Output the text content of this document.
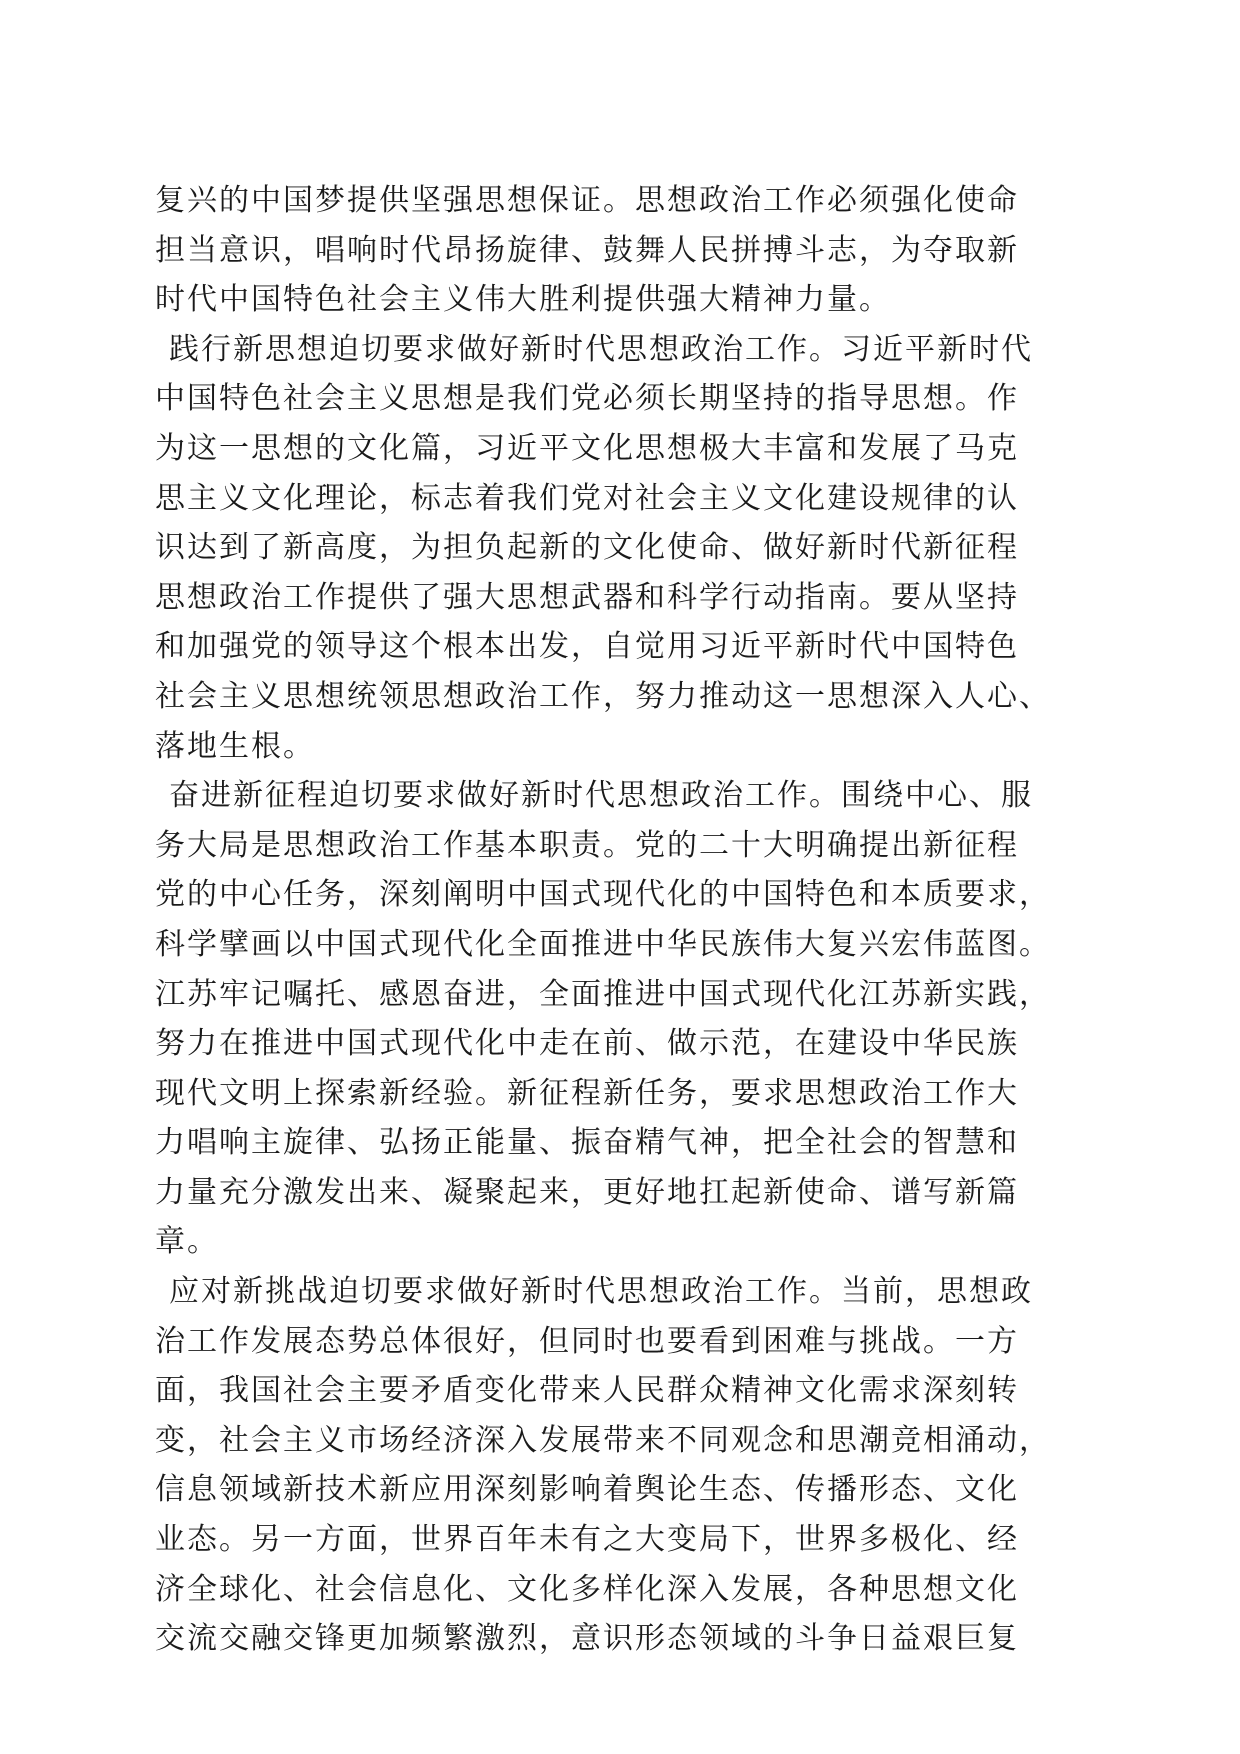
复兴的中国梦提供坚强思想保证。思想政治工作必须强化使命
担当意识，唱响时代昂扬旋律、鼓舞人民拼搏斗志，为夺取新
时代中国特色社会主义伟大胜利提供强大精神力量。
践行新思想迫切要求做好新时代思想政治工作。习近平新时代
中国特色社会主义思想是我们党必须长期坚持的指导思想。作
为这一思想的文化篇，习近平文化思想极大丰富和发展了马克
思主义文化理论，标志着我们党对社会主义文化建设规律的认
识达到了新高度，为担负起新的文化使命、做好新时代新征程
思想政治工作提供了强大思想武器和科学行动指南。要从坚持
和加强党的领导这个根本出发，自觉用习近平新时代中国特色
社会主义思想统领思想政治工作，努力推动这一思想深入人心、
落地生根。
奋进新征程迫切要求做好新时代思想政治工作。围绕中心、服
务大局是思想政治工作基本职责。党的二十大明确提出新征程
党的中心任务，深刻阐明中国式现代化的中国特色和本质要求，
科学擘画以中国式现代化全面推进中华民族伟大复兴宏伟蓝图。
江苏牢记嘱托、感恩奋进，全面推进中国式现代化江苏新实践，
努力在推进中国式现代化中走在前、做示范，在建设中华民族
现代文明上探索新经验。新征程新任务，要求思想政治工作大
力唱响主旋律、弘扬正能量、振奋精气神，把全社会的智慧和
力量充分激发出来、凝聚起来，更好地扛起新使命、谱写新篇
章。
应对新挑战迫切要求做好新时代思想政治工作。当前，思想政
治工作发展态势总体很好，但同时也要看到困难与挑战。一方
面，我国社会主要矛盾变化带来人民群众精神文化需求深刻转
变，社会主义市场经济深入发展带来不同观念和思潮竞相涌动，
信息领域新技术新应用深刻影响着舆论生态、传播形态、文化
业态。另一方面，世界百年未有之大变局下，世界多极化、经
济全球化、社会信息化、文化多样化深入发展，各种思想文化
交流交融交锋更加频繁激烈，意识形态领域的斗争日益艰巨复
